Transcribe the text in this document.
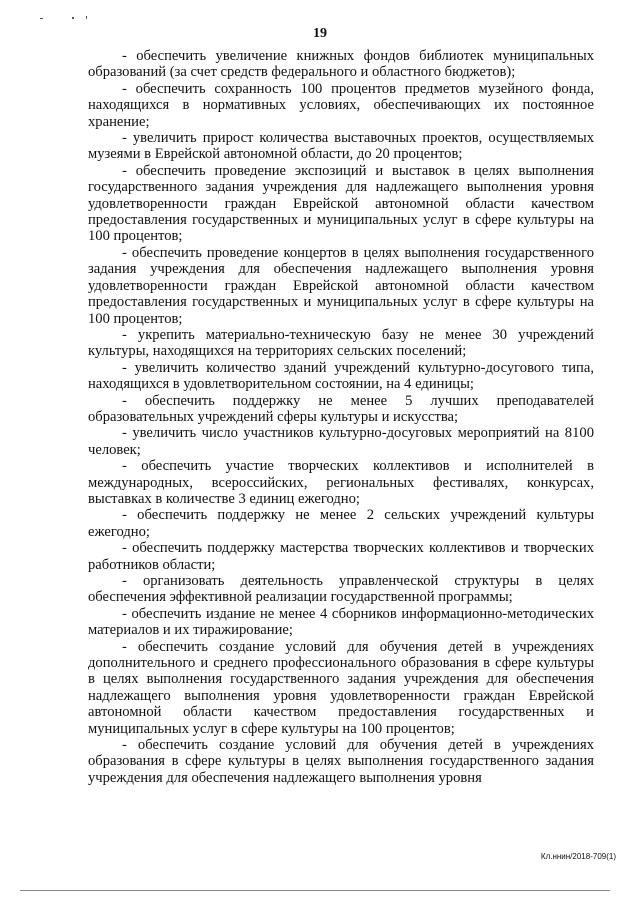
19

- обеспечить увеличение книжных фондов библиотек муниципальных образований (за счет средств федерального и областного бюджетов);

- обеспечить сохранность 100 процентов предметов музейного фонда, находящихся в нормативных условиях, обеспечивающих их постоянное хранение;

- увеличить прирост количества выставочных проектов, осуществляемых музеями в Еврейской автономной области, до 20 процентов;

- обеспечить проведение экспозиций и выставок в целях выполнения государственного задания учреждения для надлежащего выполнения уровня удовлетворенности граждан Еврейской автономной области качеством предоставления государственных и муниципальных услуг в сфере культуры на 100 процентов;

- обеспечить проведение концертов в целях выполнения государственного задания учреждения для обеспечения надлежащего выполнения уровня удовлетворенности граждан Еврейской автономной области качеством предоставления государственных и муниципальных услуг в сфере культуры на 100 процентов;

- укрепить материально-техническую базу не менее 30 учреждений культуры, находящихся на территориях сельских поселений;

- увеличить количество зданий учреждений культурно-досугового типа, находящихся в удовлетворительном состоянии, на 4 единицы;

- обеспечить поддержку не менее 5 лучших преподавателей образовательных учреждений сферы культуры и искусства;

- увеличить число участников культурно-досуговых мероприятий на 8100 человек;

- обеспечить участие творческих коллективов и исполнителей в международных, всероссийских, региональных фестивалях, конкурсах, выставках в количестве 3 единиц ежегодно;

- обеспечить поддержку не менее 2 сельских учреждений культуры ежегодно;

- обеспечить поддержку мастерства творческих коллективов и творческих работников области;

- организовать деятельность управленческой структуры в целях обеспечения эффективной реализации государственной программы;

- обеспечить издание не менее 4 сборников информационно-методических материалов и их тиражирование;

- обеспечить создание условий для обучения детей в учреждениях дополнительного и среднего профессионального образования в сфере культуры в целях выполнения государственного задания учреждения для обеспечения надлежащего выполнения уровня удовлетворенности граждан Еврейской автономной области качеством предоставления государственных и муниципальных услуг в сфере культуры на 100 процентов;

- обеспечить создание условий для обучения детей в учреждениях образования в сфере культуры в целях выполнения государственного задания учреждения для обеспечения надлежащего выполнения уровня

Кл.ннин/2018-709(1)
